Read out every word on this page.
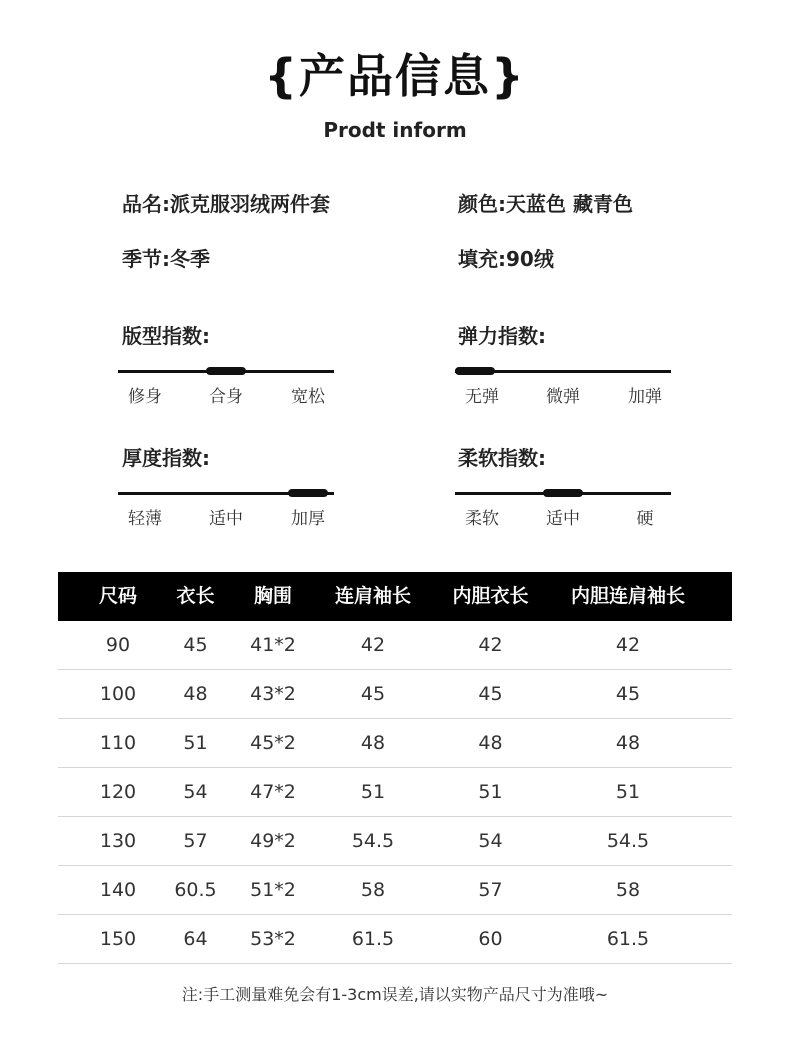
{产品信息}
Prodt inform
品名:派克服羽绒两件套	颜色:天蓝色 藏青色
季节:冬季	填充:90绒
版型指数:
修身	合身	宽松
弹力指数:
无弹	微弹	加弹
厚度指数:
轻薄	适中	加厚
柔软指数:
柔软	适中	硬
尺码	衣长	胸围	连肩袖长	内胆衣长	内胆连肩袖长
90	45	41*2	42	42	42
100	48	43*2	45	45	45
110	51	45*2	48	48	48
120	54	47*2	51	51	51
130	57	49*2	54.5	54	54.5
140	60.5	51*2	58	57	58
150	64	53*2	61.5	60	61.5
注:手工测量难免会有1-3cm误差,请以实物产品尺寸为准哦~
